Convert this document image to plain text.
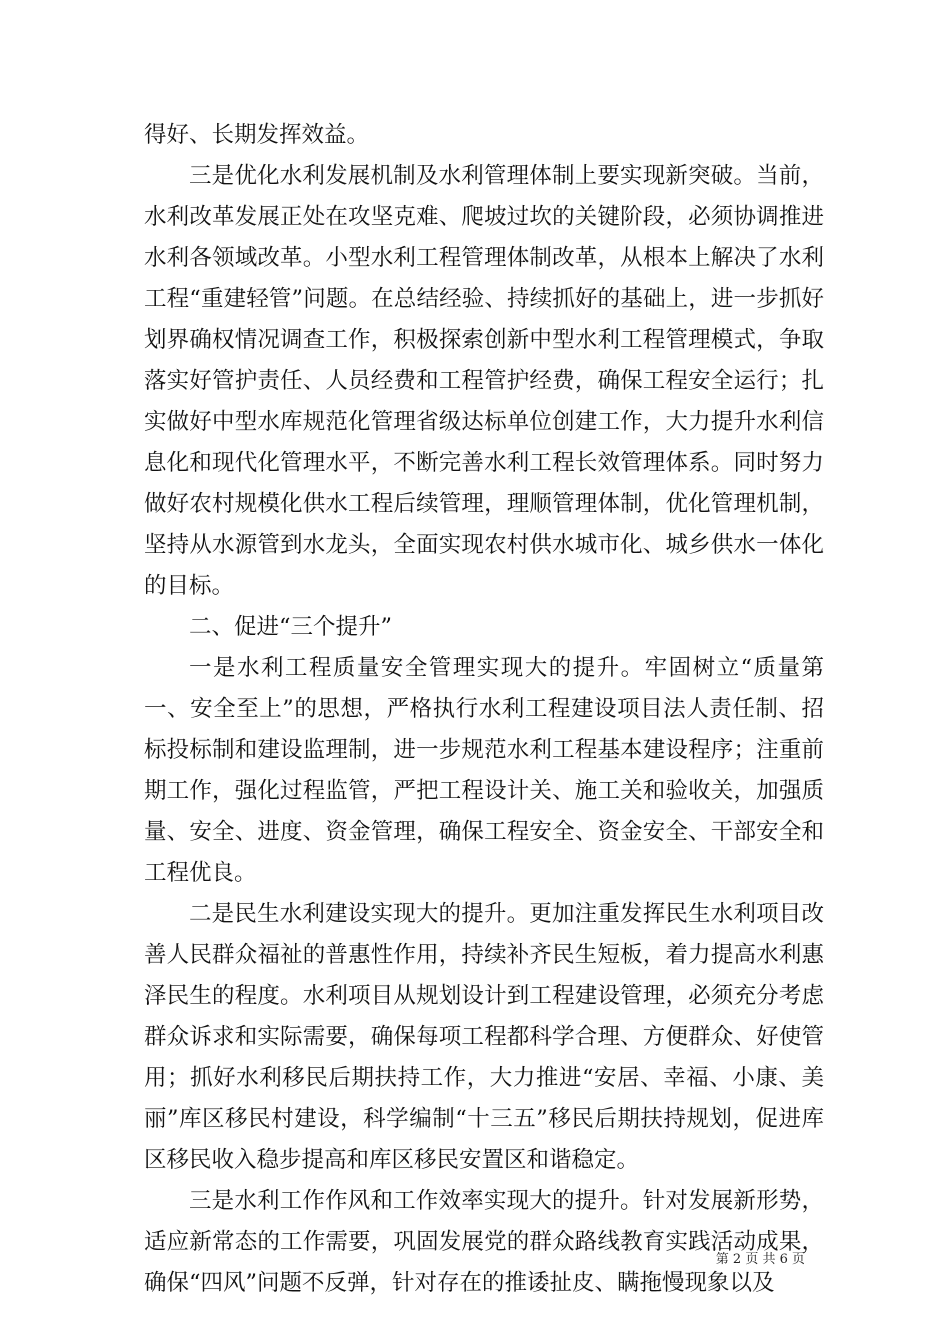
得好、长期发挥效益。

三是优化水利发展机制及水利管理体制上要实现新突破。当前，水利改革发展正处在攻坚克难、爬坡过坎的关键阶段，必须协调推进水利各领域改革。小型水利工程管理体制改革，从根本上解决了水利工程“重建轻管”问题。在总结经验、持续抓好的基础上，进一步抓好划界确权情况调查工作，积极探索创新中型水利工程管理模式，争取落实好管护责任、人员经费和工程管护经费，确保工程安全运行；扎实做好中型水库规范化管理省级达标单位创建工作，大力提升水利信息化和现代化管理水平，不断完善水利工程长效管理体系。同时努力做好农村规模化供水工程后续管理，理顺管理体制，优化管理机制，坚持从水源管到水龙头，全面实现农村供水城市化、城乡供水一体化的目标。

二、促进“三个提升”

一是水利工程质量安全管理实现大的提升。牢固树立“质量第一、安全至上”的思想，严格执行水利工程建设项目法人责任制、招标投标制和建设监理制，进一步规范水利工程基本建设程序；注重前期工作，强化过程监管，严把工程设计关、施工关和验收关，加强质量、安全、进度、资金管理，确保工程安全、资金安全、干部安全和工程优良。

二是民生水利建设实现大的提升。更加注重发挥民生水利项目改善人民群众福祉的普惠性作用，持续补齐民生短板，着力提高水利惠泽民生的程度。水利项目从规划设计到工程建设管理，必须充分考虑群众诉求和实际需要，确保每项工程都科学合理、方便群众、好使管用；抓好水利移民后期扶持工作，大力推进“安居、幸福、小康、美丽”库区移民村建设，科学编制“十三五”移民后期扶持规划，促进库区移民收入稳步提高和库区移民安置区和谐稳定。

三是水利工作作风和工作效率实现大的提升。针对发展新形势，适应新常态的工作需要，巩固发展党的群众路线教育实践活动成果，确保“四风”问题不反弹，针对存在的推诿扯皮、瞒拖慢现象以及

第 2 页 共 6 页
